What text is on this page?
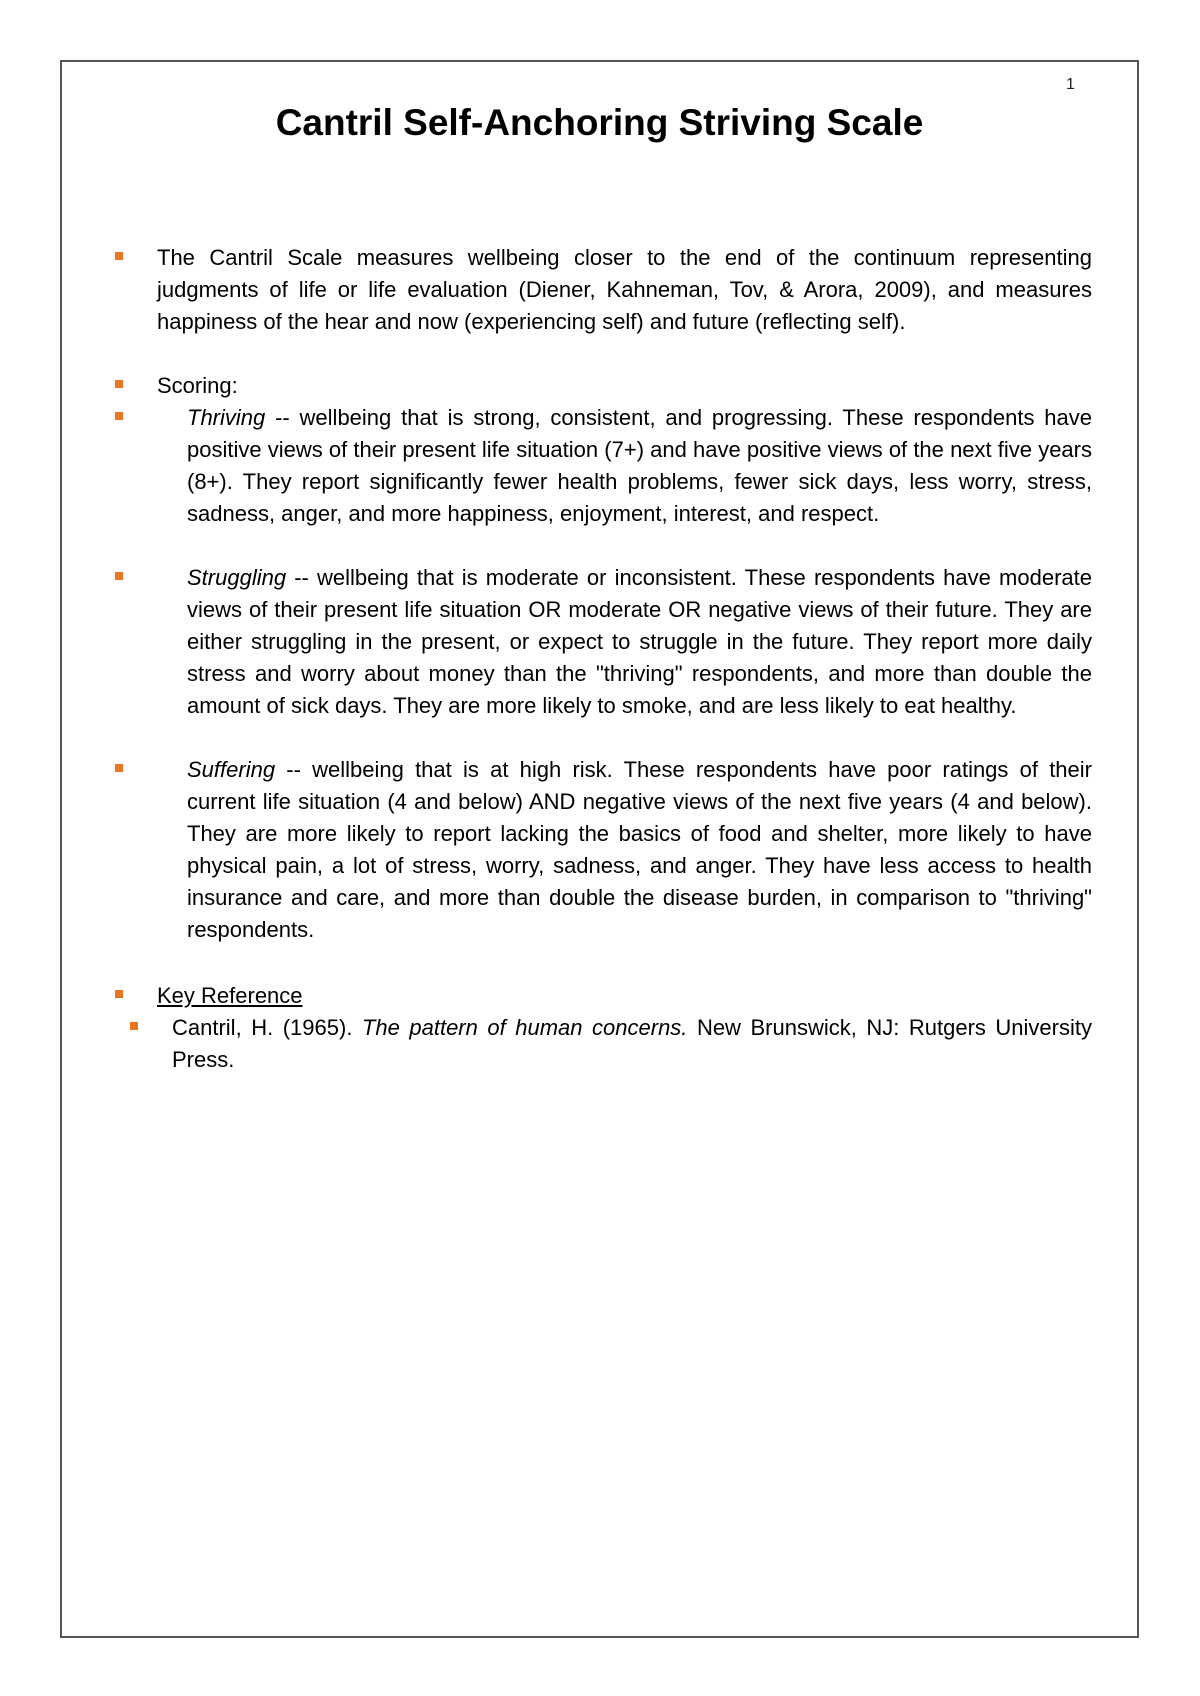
1
Cantril Self-Anchoring Striving Scale

The Cantril Scale measures wellbeing closer to the end of the continuum representing judgments of life or life evaluation (Diener, Kahneman, Tov, & Arora, 2009), and measures happiness of the hear and now (experiencing self) and future (reflecting self).

Scoring:

Thriving -- wellbeing that is strong, consistent, and progressing. These respondents have positive views of their present life situation (7+) and have positive views of the next five years (8+). They report significantly fewer health problems, fewer sick days, less worry, stress, sadness, anger, and more happiness, enjoyment, interest, and respect.

Struggling -- wellbeing that is moderate or inconsistent. These respondents have moderate views of their present life situation OR moderate OR negative views of their future. They are either struggling in the present, or expect to struggle in the future. They report more daily stress and worry about money than the "thriving" respondents, and more than double the amount of sick days. They are more likely to smoke, and are less likely to eat healthy.

Suffering -- wellbeing that is at high risk. These respondents have poor ratings of their current life situation (4 and below) AND negative views of the next five years (4 and below). They are more likely to report lacking the basics of food and shelter, more likely to have physical pain, a lot of stress, worry, sadness, and anger. They have less access to health insurance and care, and more than double the disease burden, in comparison to "thriving" respondents.

Key Reference

Cantril, H. (1965). The pattern of human concerns. New Brunswick, NJ: Rutgers University Press.
